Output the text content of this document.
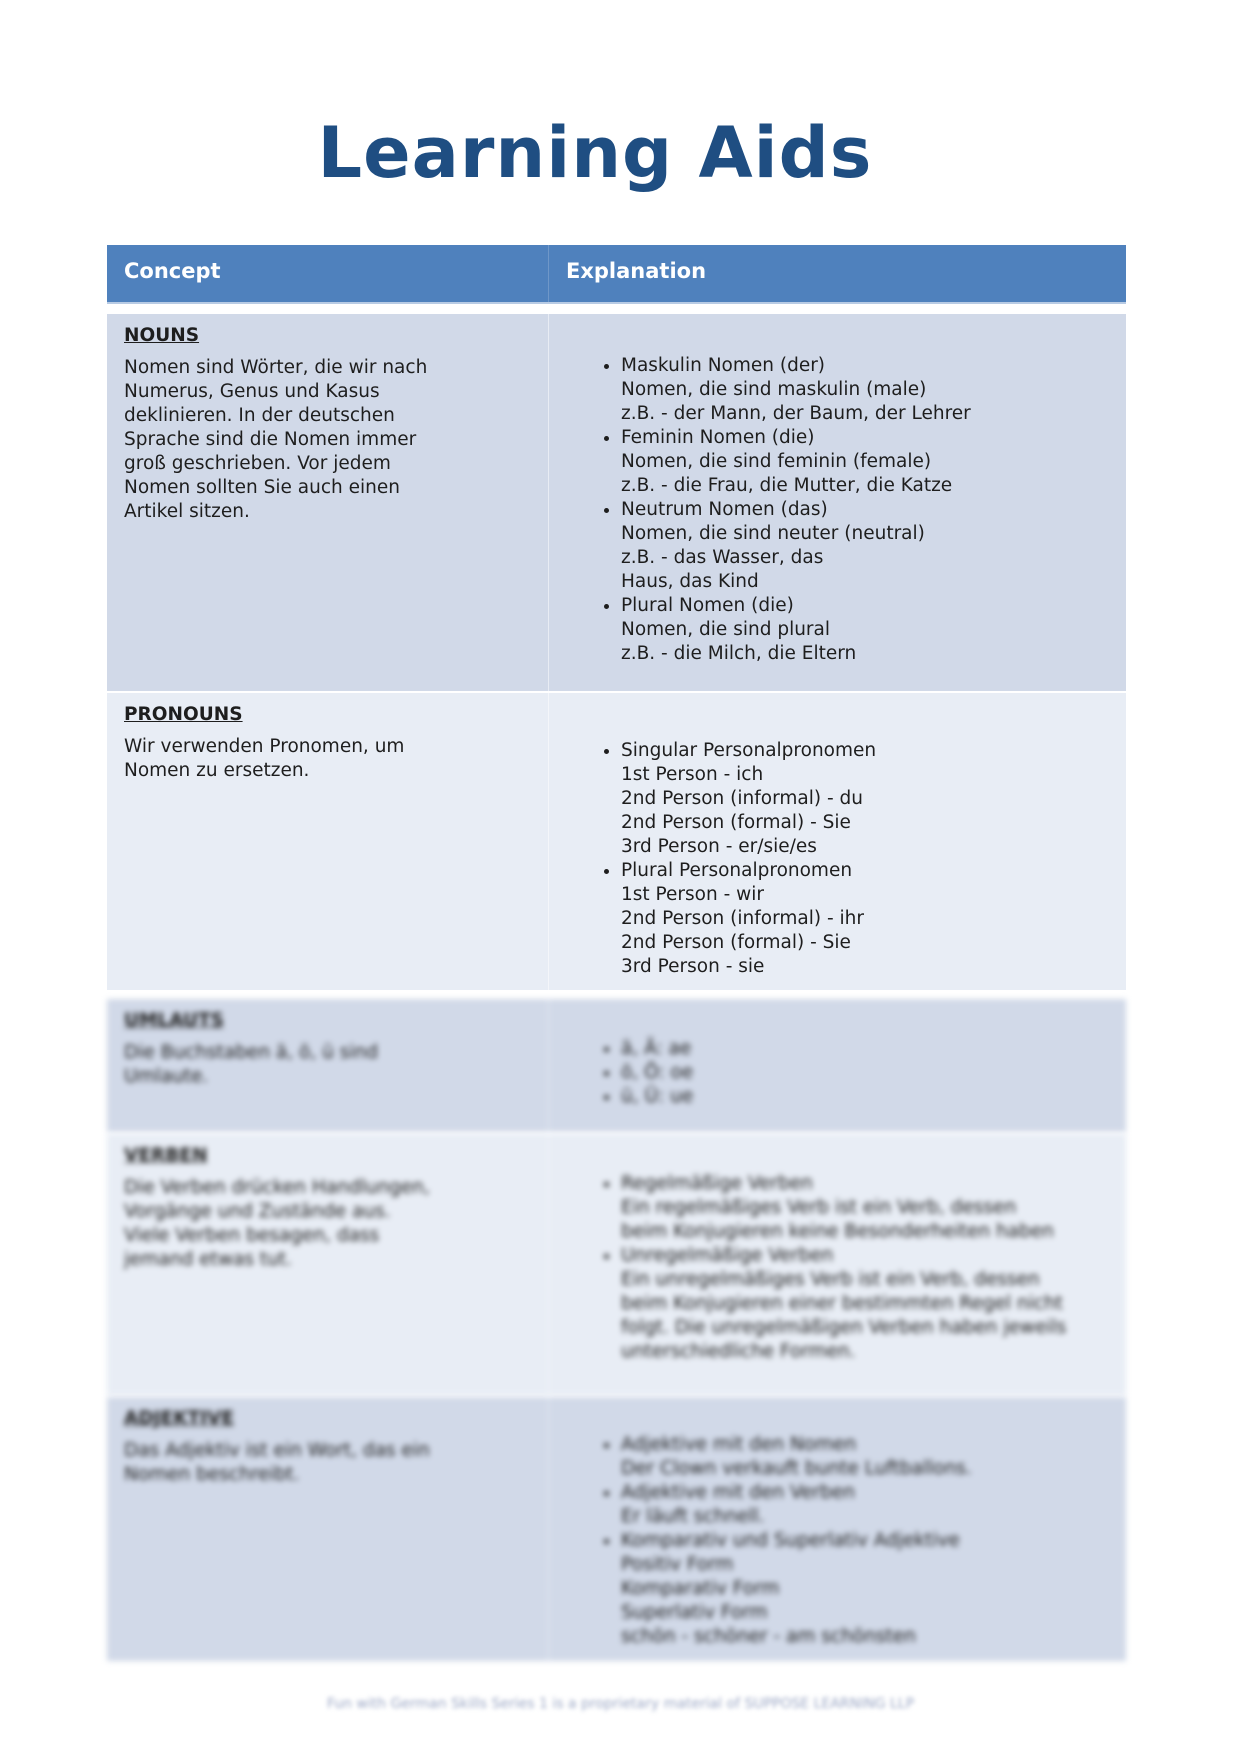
Learning Aids
Concept	Explanation
NOUNS
Nomen sind Wörter, die wir nach
Numerus, Genus und Kasus
deklinieren. In der deutschen
Sprache sind die Nomen immer
groß geschrieben. Vor jedem
Nomen sollten Sie auch einen
Artikel sitzen.
• Maskulin Nomen (der)
Nomen, die sind maskulin (male)
z.B. - der Mann, der Baum, der Lehrer
• Feminin Nomen (die)
Nomen, die sind feminin (female)
z.B. - die Frau, die Mutter, die Katze
• Neutrum Nomen (das)
Nomen, die sind neuter (neutral)
z.B. - das Wasser, das
Haus, das Kind
• Plural Nomen (die)
Nomen, die sind plural
z.B. - die Milch, die Eltern
PRONOUNS
Wir verwenden Pronomen, um
Nomen zu ersetzen.
• Singular Personalpronomen
1st Person - ich
2nd Person (informal) - du
2nd Person (formal) - Sie
3rd Person - er/sie/es
• Plural Personalpronomen
1st Person - wir
2nd Person (informal) - ihr
2nd Person (formal) - Sie
3rd Person - sie
UMLAUTS
Die Buchstaben ä, ö, ü sind
Umlaute.
• ä, Ä: ae
• ö, Ö: oe
• ü, Ü: ue
VERBEN
Die Verben drücken Handlungen,
Vorgänge und Zustände aus.
Viele Verben besagen, dass
jemand etwas tut.
• Regelmäßige Verben
Ein regelmäßiges Verb ist ein Verb, dessen
beim Konjugieren keine Besonderheiten haben
• Unregelmäßige Verben
Ein unregelmäßiges Verb ist ein Verb, dessen
beim Konjugieren einer bestimmten Regel nicht
folgt. Die unregelmäßigen Verben haben jeweils
unterschiedliche Formen.
ADJEKTIVE
Das Adjektiv ist ein Wort, das ein
Nomen beschreibt.
• Adjektive mit den Nomen
Der Clown verkauft bunte Luftballons.
• Adjektive mit den Verben
Er läuft schnell.
• Komparativ und Superlativ Adjektive
Positiv Form
Komparativ Form
Superlativ Form
schön - schöner - am schönsten
Fun with German Skills Series 1 is a proprietary material of SUPPOSE LEARNING LLP
